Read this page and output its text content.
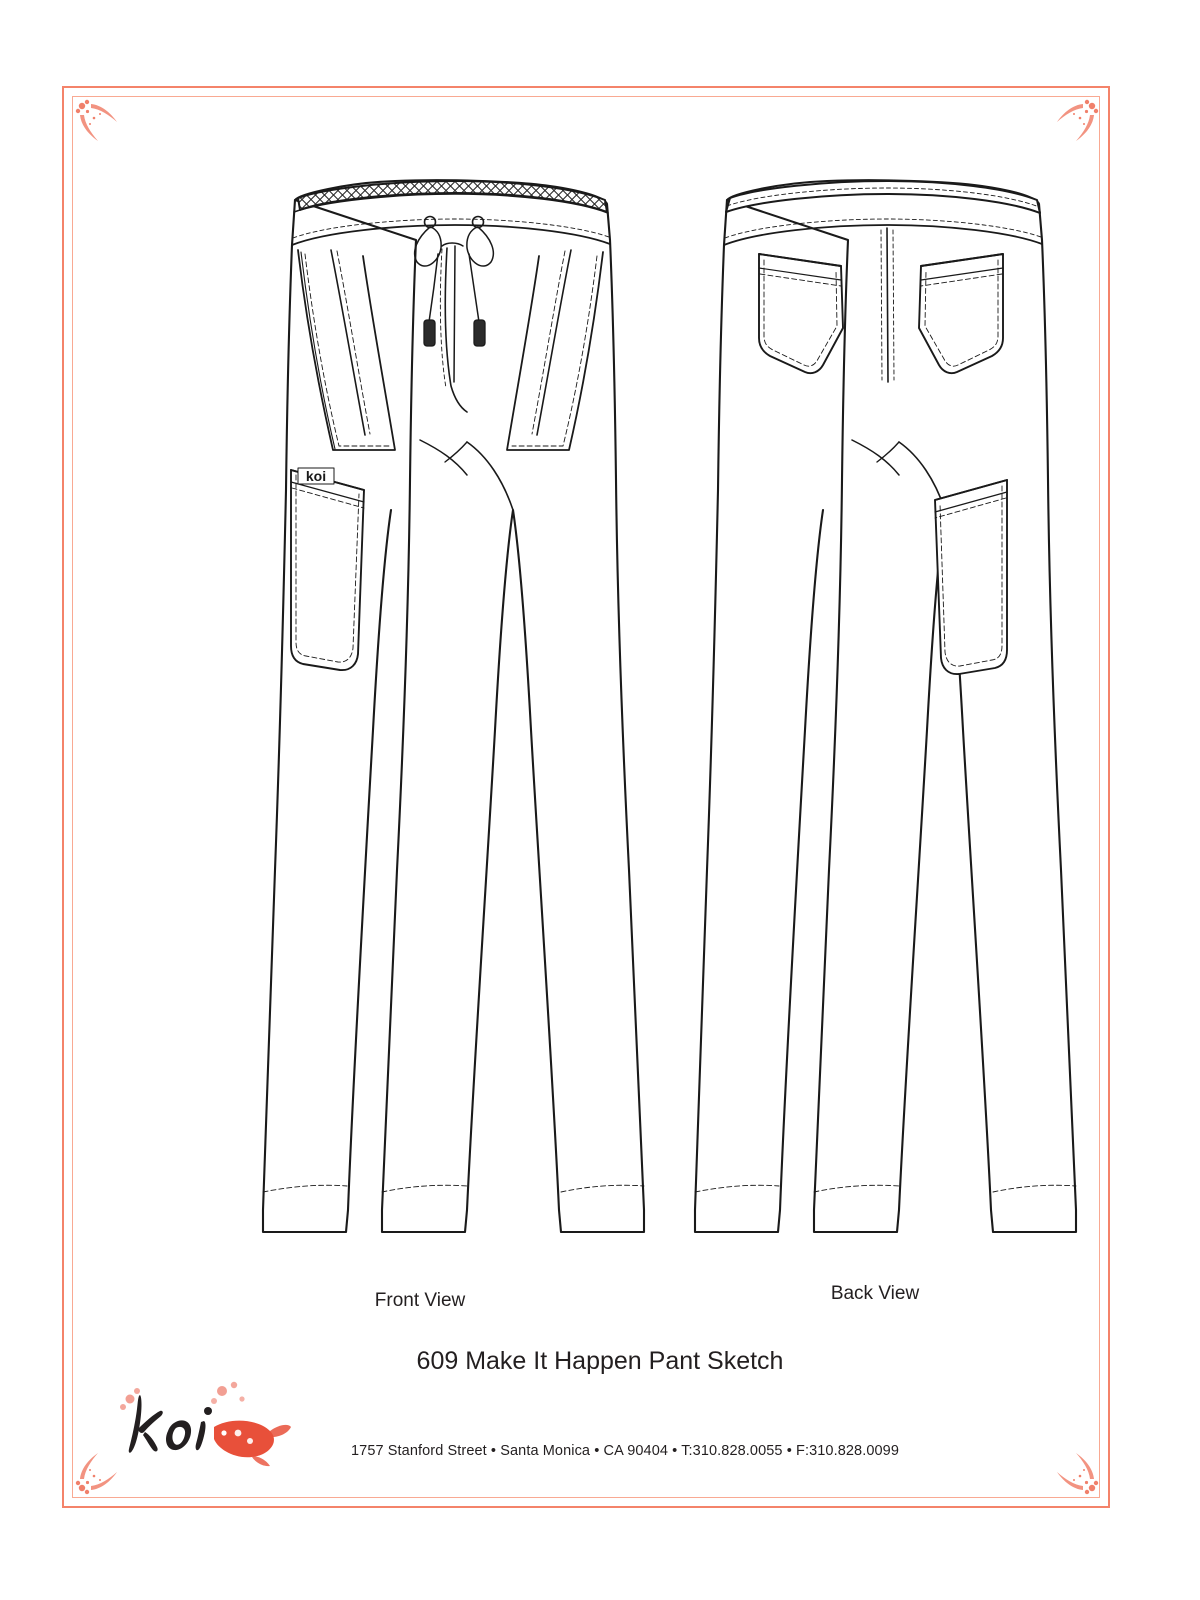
koi
Front View	Back View
609 Make It Happen Pant Sketch
1757 Stanford Street • Santa Monica • CA 90404 • T:310.828.0055 • F:310.828.0099
